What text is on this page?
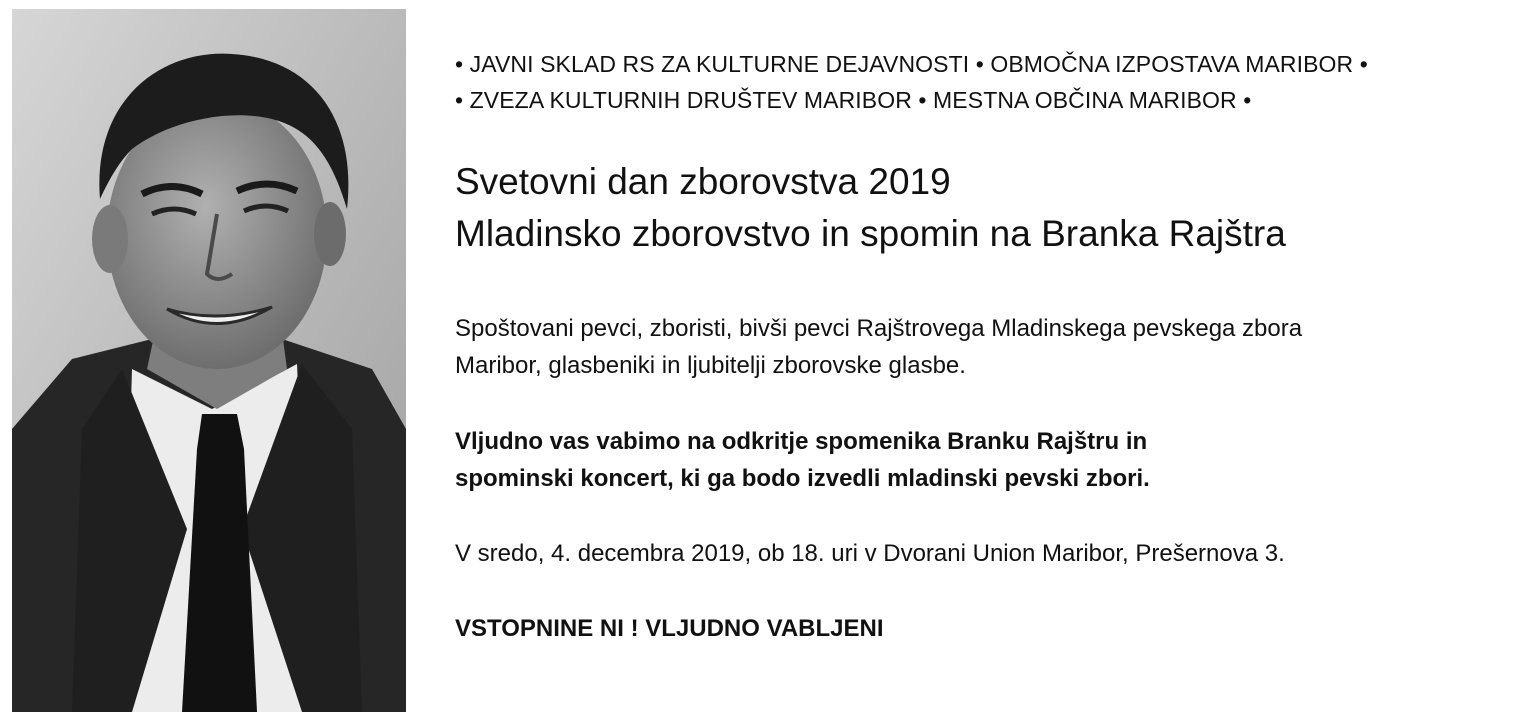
• JAVNI SKLAD RS ZA KULTURNE DEJAVNOSTI • OBMOČNA IZPOSTAVA MARIBOR •
• ZVEZA KULTURNIH DRUŠTEV MARIBOR • MESTNA OBČINA MARIBOR •
Svetovni dan zborovstva 2019
Mladinsko zborovstvo in spomin na Branka Rajštra
Spoštovani pevci, zboristi, bivši pevci Rajštrovega Mladinskega pevskega zbora
Maribor, glasbeniki in ljubitelji zborovske glasbe.
Vljudno vas vabimo na odkritje spomenika Branku Rajštru in
spominski koncert, ki ga bodo izvedli mladinski pevski zbori.
V sredo, 4. decembra 2019, ob 18. uri v Dvorani Union Maribor, Prešernova 3.
VSTOPNINE NI ! VLJUDNO VABLJENI
